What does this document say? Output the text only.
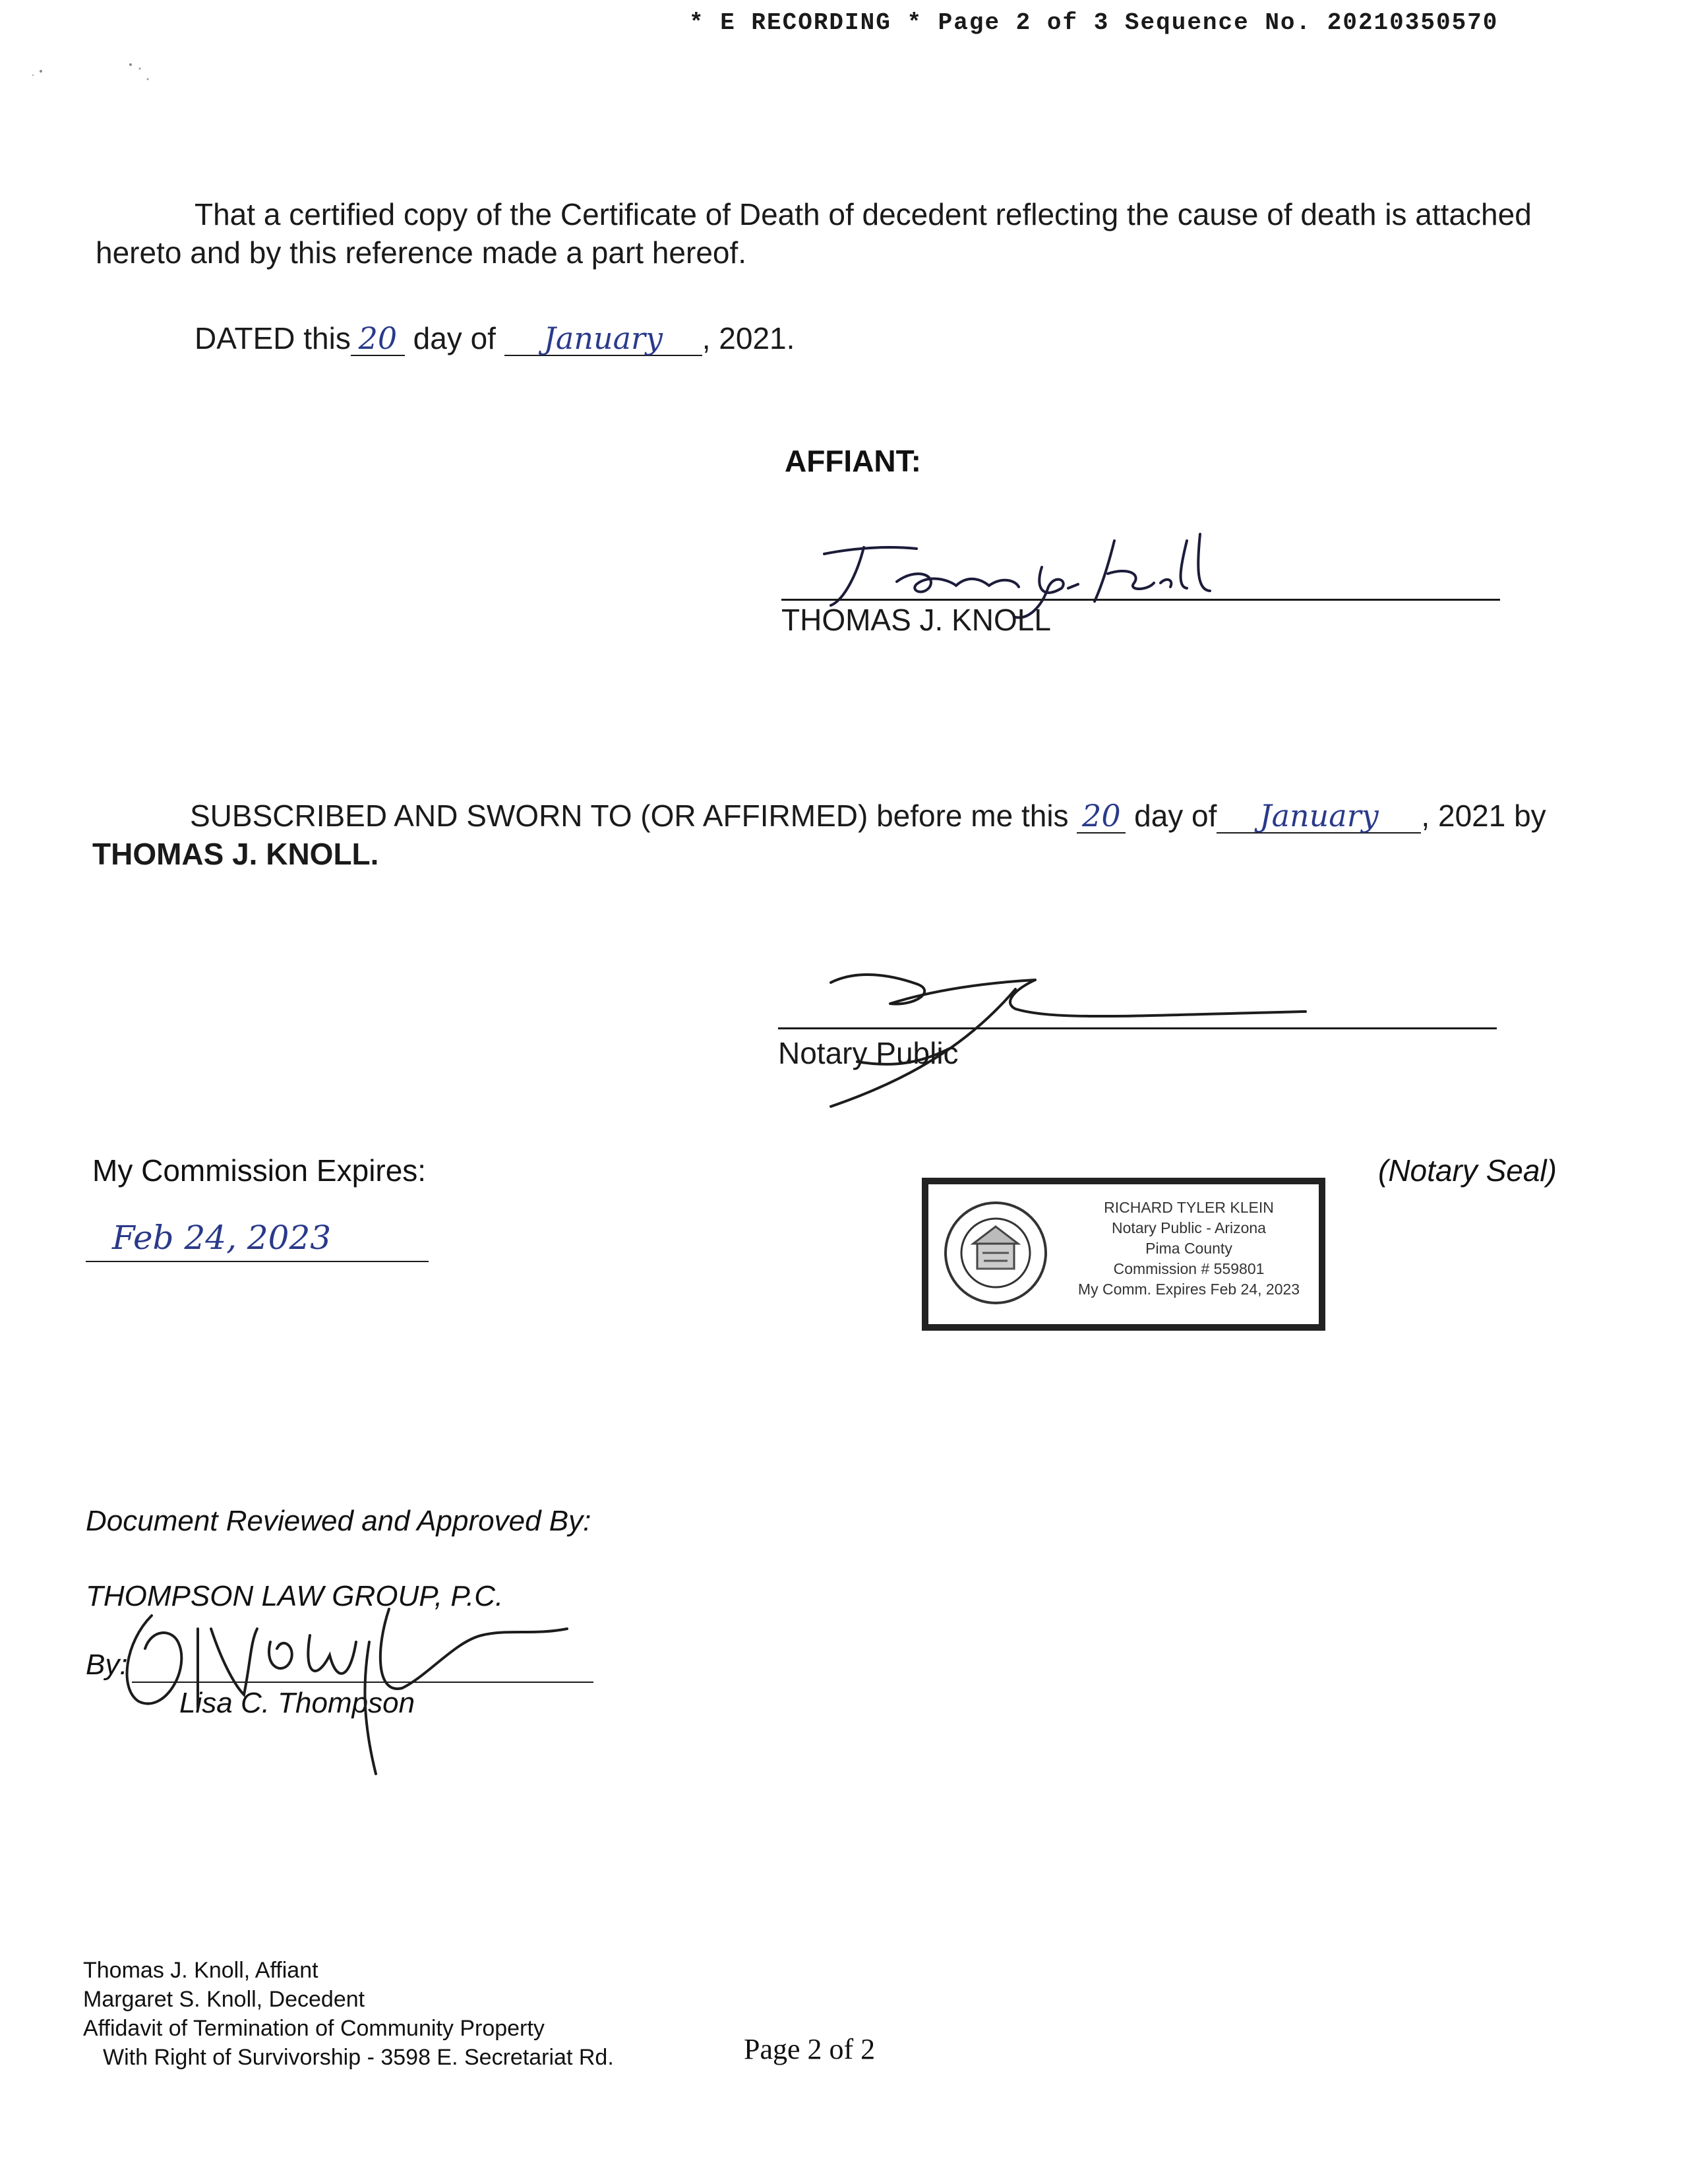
* E RECORDING * Page 2 of 3 Sequence No. 20210350570
That a certified copy of the Certificate of Death of decedent reflecting the cause of death is attached hereto and by this reference made a part hereof.
DATED this 20 day of January , 2021.
AFFIANT:
THOMAS J. KNOLL
SUBSCRIBED AND SWORN TO (OR AFFIRMED) before me this 20 day of January , 2021 by
THOMAS J. KNOLL.
Notary Public
My Commission Expires:
Feb 24, 2023
(Notary Seal)
RICHARD TYLER KLEIN
Notary Public - Arizona
Pima County
Commission # 559801
My Comm. Expires Feb 24, 2023
Document Reviewed and Approved By:
THOMPSON LAW GROUP, P.C.
By:
Lisa C. Thompson
Thomas J. Knoll, Affiant
Margaret S. Knoll, Decedent
Affidavit of Termination of Community Property
With Right of Survivorship - 3598 E. Secretariat Rd.	Page 2 of 2
